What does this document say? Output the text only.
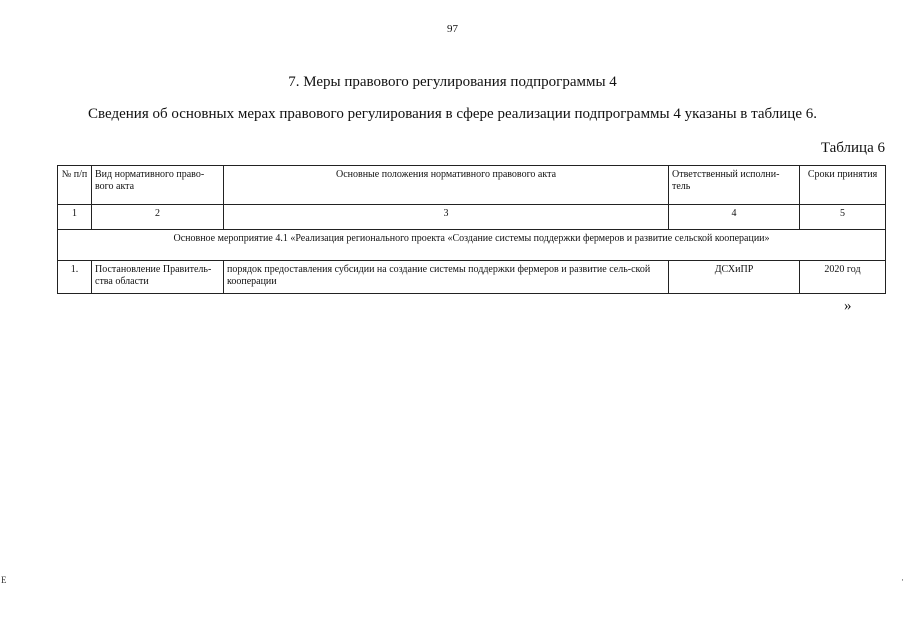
97
7. Меры правового регулирования подпрограммы 4
Сведения об основных мерах правового регулирования в сфере реализации подпрограммы 4 указаны в таблице 6.
Таблица 6
№ п/п	Вид нормативного право-вого акта	Основные положения нормативного правового акта	Ответственный исполни-тель	Сроки принятия
1	2	3	4	5
Основное мероприятие 4.1 «Реализация регионального проекта «Создание системы поддержки фермеров и развитие сельской кооперации»				
1.	Постановление Правитель-ства области	порядок предоставления субсидии на создание системы поддержки фермеров и развитие сель-ской кооперации	ДСХиПР	2020 год
»
Е	·
